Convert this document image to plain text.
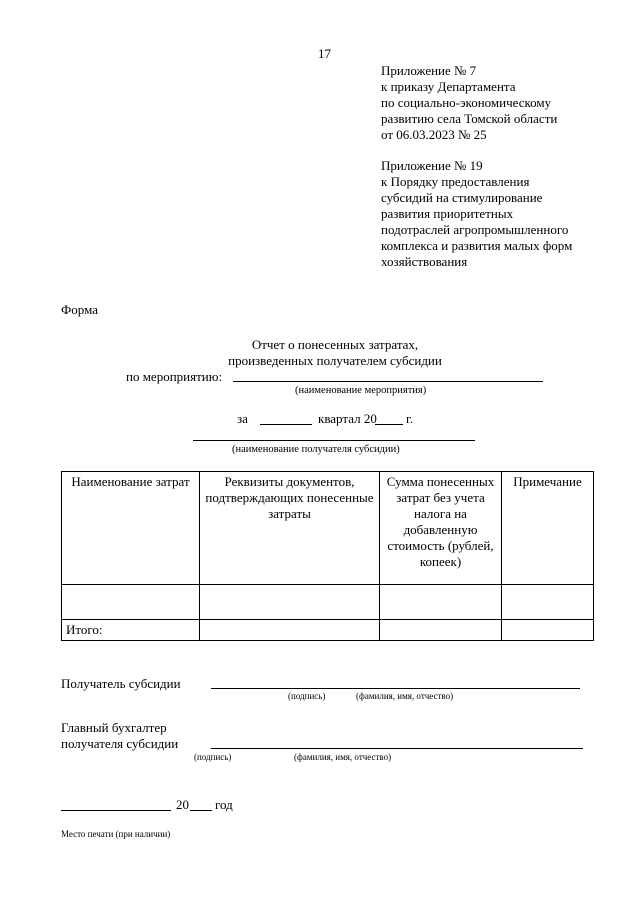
17
Приложение № 7
к приказу Департамента
по социально-экономическому
развитию села Томской области
от 06.03.2023 № 25
Приложение № 19
к Порядку предоставления
субсидий на стимулирование
развития приоритетных
подотраслей агропромышленного
комплекса и развития малых форм
хозяйствования
Форма
Отчет о понесенных затратах,
произведенных получателем субсидии
по мероприятию:
(наименование мероприятия)
за	квартал 20 г.
(наименование получателя субсидии)
Наименование затрат	Реквизиты документов, подтверждающих понесенные затраты	Сумма понесенных затрат без учета налога на добавленную стоимость (рублей, копеек)	Примечание

Итого:			
Получатель субсидии
(подпись)	(фамилия, имя, отчество)
Главный бухгалтер
получателя субсидии
(подпись)	(фамилия, имя, отчество)
20 год
Место печати (при наличии)
